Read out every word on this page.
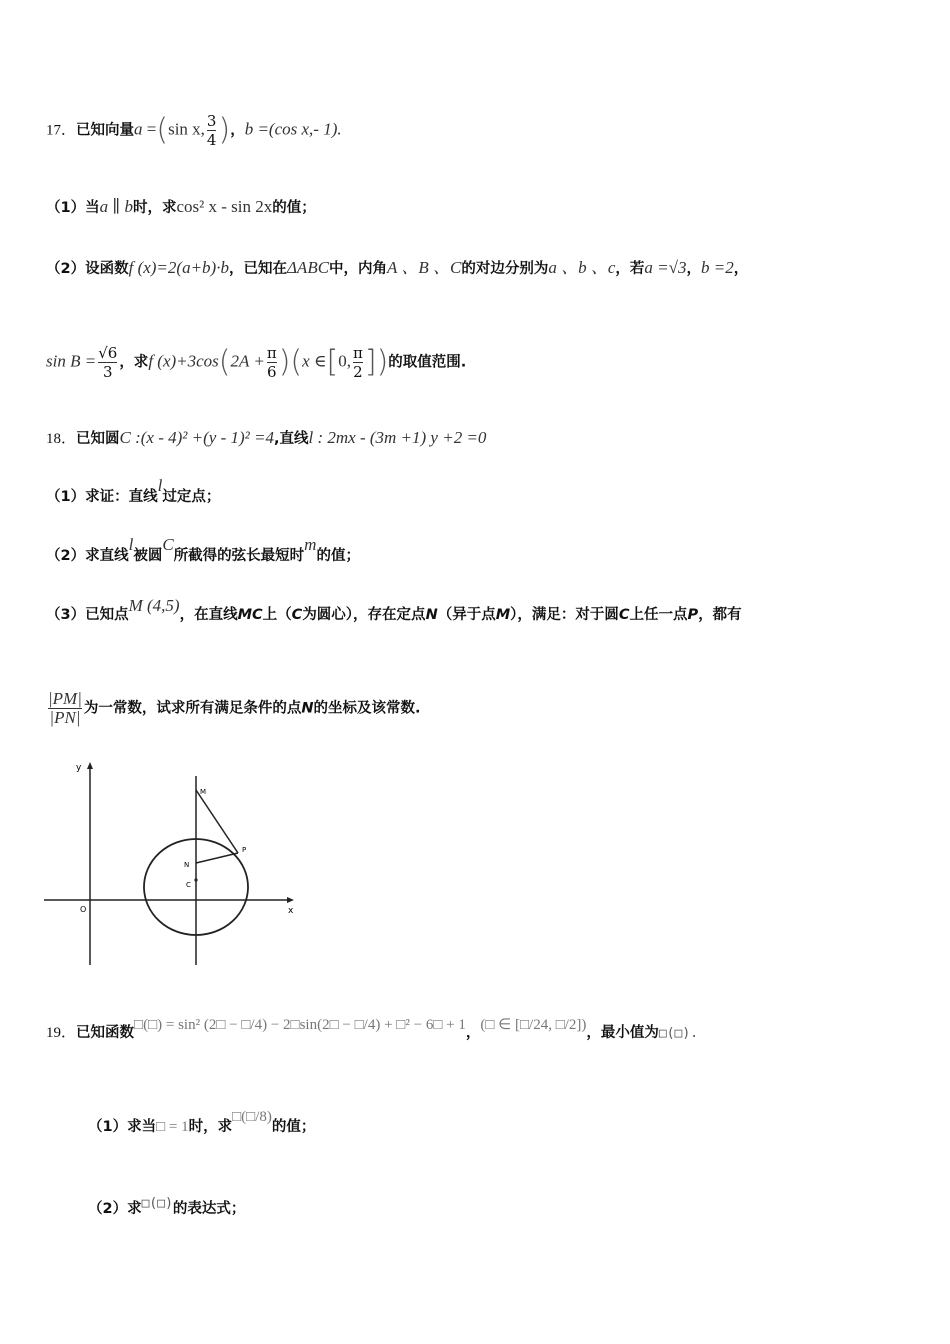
17．已知向量a =(sin x, $\frac{3}{4}$ )，b =(cos x,- 1).
（1）当a ∥ b时，求cos² x - sin 2x的值；
（2）设函数f (x)=2(a+b)·b，已知在ΔABC中，内角A 、B 、C的对边分别为a 、b 、c，若a =√3，b =2，
$\sin B = \frac{√6}{3}$ ，求f $(x)+3\cos(2A + \frac{\pi}{6} )(x$ ∈[0, $\frac{\pi}{2}$ ])的取值范围.
18．已知圆C :(x - 4)² +(y - 1)² =4,直线l : 2mx - (3m +1) y +2 =0
（1）求证：直线l过定点；
（2）求直线l被圆C所截得的弦长最短时m的值；
（3）已知点M (4,5)，在直线MC上（C为圆心），存在定点N（异于点M），满足：对于圆C上任一点P，都有
$\frac{|PM|}{|PN|}$ 为一常数，试求所有满足条件的点N的坐标及该常数.
y
x
O
M
N
C
P
19．已知函数□(□) = sin² (2□ − □/4) − 2□sin(2□ − □/4) + □² − 6□ + 1，(□ ∈ [□/24, □/2])，最小值为□(□).
（1）求当□ = 1时，求□(□/8)的值；
（2）求□(□)的表达式；
